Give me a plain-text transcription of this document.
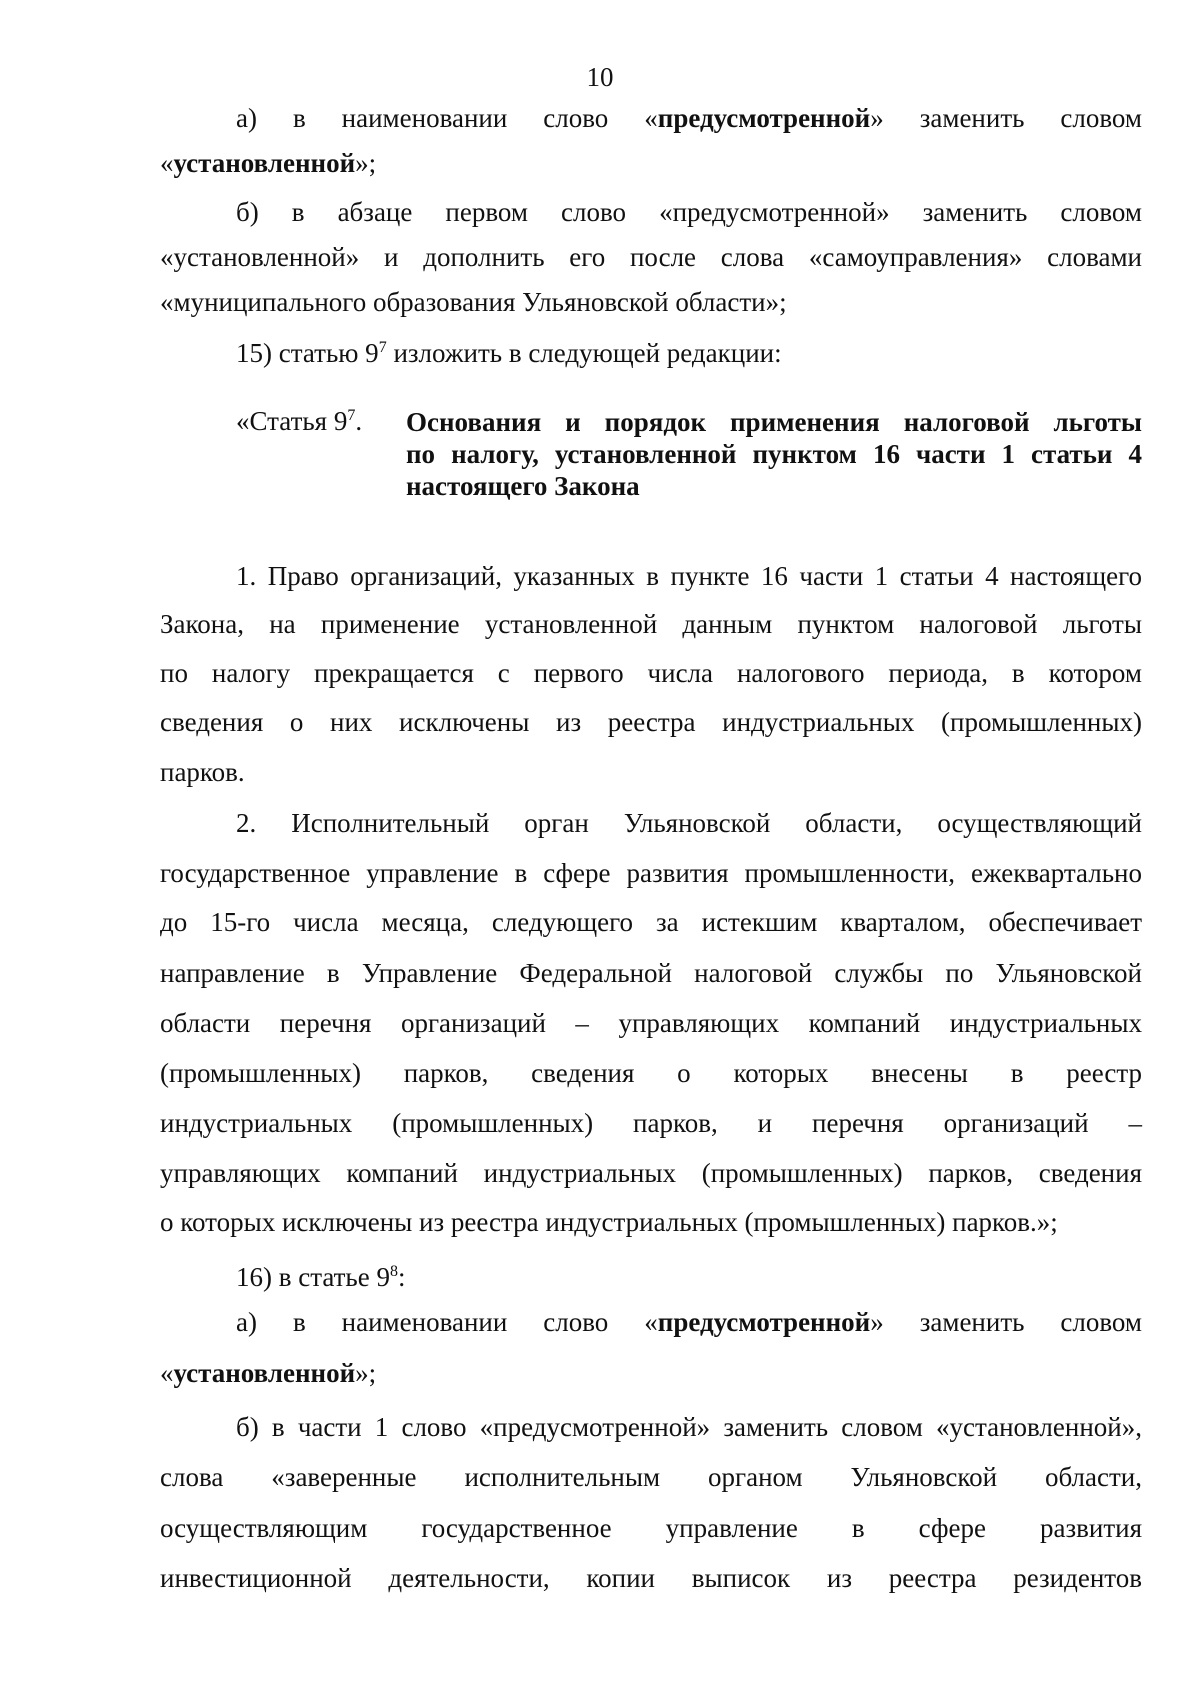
10
а) в наименовании слово «предусмотренной» заменить словом
«установленной»;
б) в абзаце первом слово «предусмотренной» заменить словом
«установленной» и дополнить его после слова «самоуправления» словами
«муниципального образования Ульяновской области»;
15) статью $9^7$ изложить в следующей редакции:
«Статья $9^7$. Основания и порядок применения налоговой льготы
по налогу, установленной пунктом 16 части 1 статьи 4
настоящего Закона
1. Право организаций, указанных в пункте 16 части 1 статьи 4 настоящего
Закона, на применение установленной данным пунктом налоговой льготы
по налогу прекращается с первого числа налогового периода, в котором
сведения о них исключены из реестра индустриальных (промышленных)
парков.
2. Исполнительный орган Ульяновской области, осуществляющий
государственное управление в сфере развития промышленности, ежеквартально
до 15-го числа месяца, следующего за истекшим кварталом, обеспечивает
направление в Управление Федеральной налоговой службы по Ульяновской
области перечня организаций – управляющих компаний индустриальных
(промышленных) парков, сведения о которых внесены в реестр
индустриальных (промышленных) парков, и перечня организаций –
управляющих компаний индустриальных (промышленных) парков, сведения
о которых исключены из реестра индустриальных (промышленных) парков.»;
16) в статье $9^8$:
а) в наименовании слово «предусмотренной» заменить словом
«установленной»;
б) в части 1 слово «предусмотренной» заменить словом «установленной»,
слова «заверенные исполнительным органом Ульяновской области,
осуществляющим государственное управление в сфере развития
инвестиционной деятельности, копии выписок из реестра резидентов
